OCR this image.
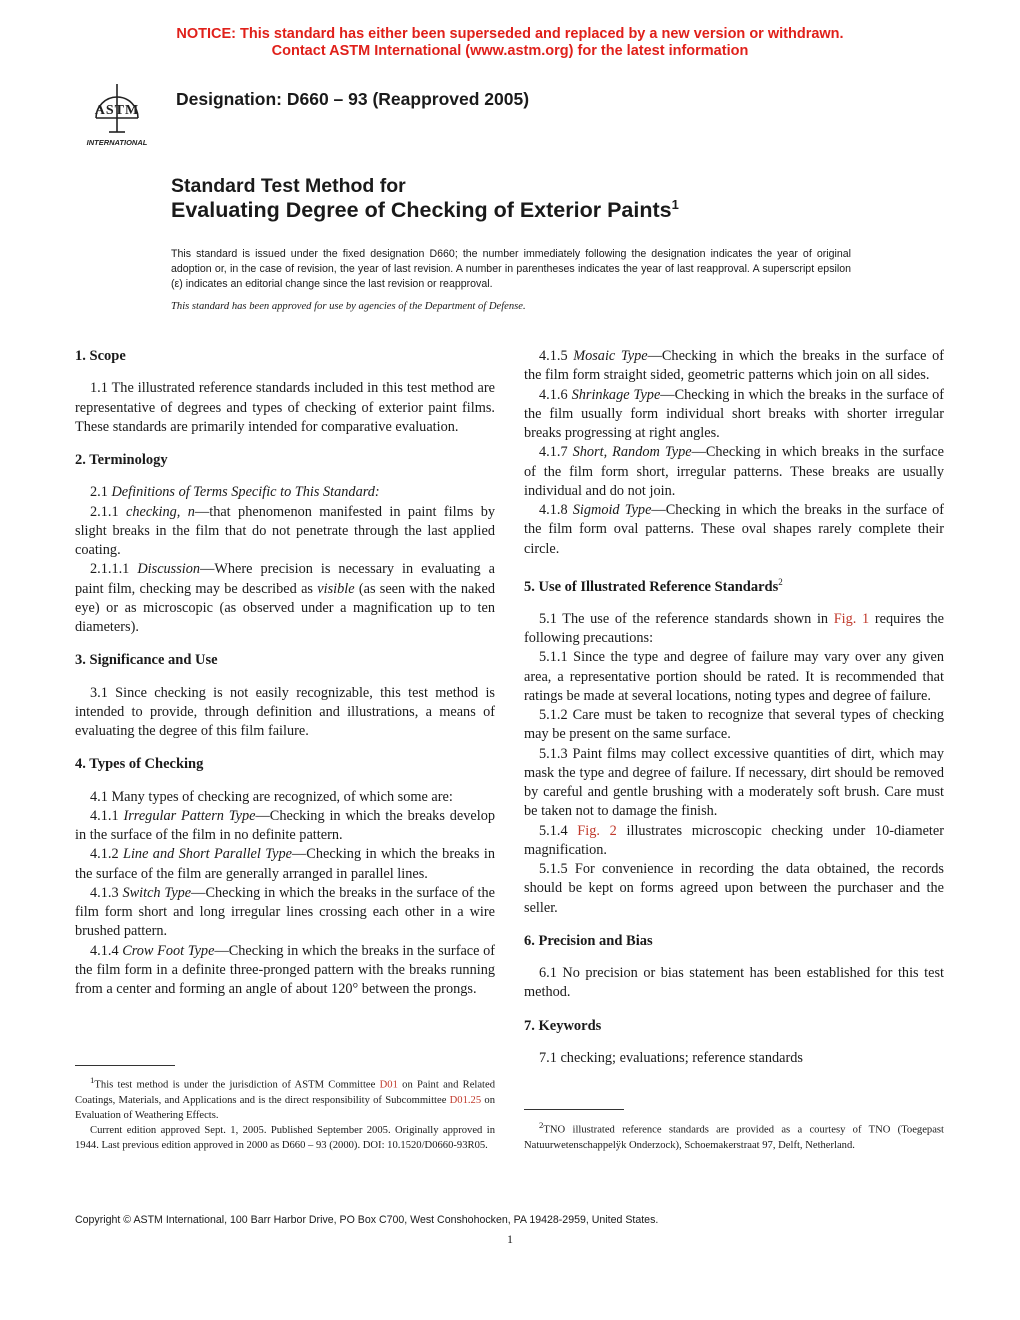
NOTICE: This standard has either been superseded and replaced by a new version or withdrawn.
Contact ASTM International (www.astm.org) for the latest information
ASTM
INTERNATIONAL
Designation: D660 – 93 (Reapproved 2005)
Standard Test Method for
Evaluating Degree of Checking of Exterior Paints$^1$
This standard is issued under the fixed designation D660; the number immediately following the designation indicates the year of original adoption or, in the case of revision, the year of last revision. A number in parentheses indicates the year of last reapproval. A superscript epsilon (ε) indicates an editorial change since the last revision or reapproval.
This standard has been approved for use by agencies of the Department of Defense.
1. Scope

1.1 The illustrated reference standards included in this test method are representative of degrees and types of checking of exterior paint films. These standards are primarily intended for comparative evaluation.

2. Terminology

2.1 Definitions of Terms Specific to This Standard:

2.1.1 checking, n—that phenomenon manifested in paint films by slight breaks in the film that do not penetrate through the last applied coating.

2.1.1.1 Discussion—Where precision is necessary in evaluating a paint film, checking may be described as visible (as seen with the naked eye) or as microscopic (as observed under a magnification up to ten diameters).

3. Significance and Use

3.1 Since checking is not easily recognizable, this test method is intended to provide, through definition and illustrations, a means of evaluating the degree of this film failure.

4. Types of Checking

4.1 Many types of checking are recognized, of which some are:

4.1.1 Irregular Pattern Type—Checking in which the breaks develop in the surface of the film in no definite pattern.

4.1.2 Line and Short Parallel Type—Checking in which the breaks in the surface of the film are generally arranged in parallel lines.

4.1.3 Switch Type—Checking in which the breaks in the surface of the film form short and long irregular lines crossing each other in a wire brushed pattern.

4.1.4 Crow Foot Type—Checking in which the breaks in the surface of the film form in a definite three-pronged pattern with the breaks running from a center and forming an angle of about 120° between the prongs.

4.1.5 Mosaic Type—Checking in which the breaks in the surface of the film form straight sided, geometric patterns which join on all sides.

4.1.6 Shrinkage Type—Checking in which the breaks in the surface of the film usually form individual short breaks with shorter irregular breaks progressing at right angles.

4.1.7 Short, Random Type—Checking in which breaks in the surface of the film form short, irregular patterns. These breaks are usually individual and do not join.

4.1.8 Sigmoid Type—Checking in which the breaks in the surface of the film form oval patterns. These oval shapes rarely complete their circle.

5. Use of Illustrated Reference Standards$^2$

5.1 The use of the reference standards shown in Fig. 1 requires the following precautions:

5.1.1 Since the type and degree of failure may vary over any given area, a representative portion should be rated. It is recommended that ratings be made at several locations, noting types and degree of failure.

5.1.2 Care must be taken to recognize that several types of checking may be present on the same surface.

5.1.3 Paint films may collect excessive quantities of dirt, which may mask the type and degree of failure. If necessary, dirt should be removed by careful and gentle brushing with a moderately soft brush. Care must be taken not to damage the finish.

5.1.4 Fig. 2 illustrates microscopic checking under 10-diameter magnification.

5.1.5 For convenience in recording the data obtained, the records should be kept on forms agreed upon between the purchaser and the seller.

6. Precision and Bias

6.1 No precision or bias statement has been established for this test method.

7. Keywords

7.1 checking; evaluations; reference standards

$^1$This test method is under the jurisdiction of ASTM Committee D01 on Paint and Related Coatings, Materials, and Applications and is the direct responsibility of Subcommittee D01.25 on Evaluation of Weathering Effects.

Current edition approved Sept. 1, 2005. Published September 2005. Originally approved in 1944. Last previous edition approved in 2000 as D660 – 93 (2000). DOI: 10.1520/D0660-93R05.

$^2$TNO illustrated reference standards are provided as a courtesy of TNO (Toegepast Natuurwetenschappelÿk Onderzock), Schoemakerstraat 97, Delft, Netherland.

Copyright © ASTM International, 100 Barr Harbor Drive, PO Box C700, West Conshohocken, PA 19428-2959, United States.
1
